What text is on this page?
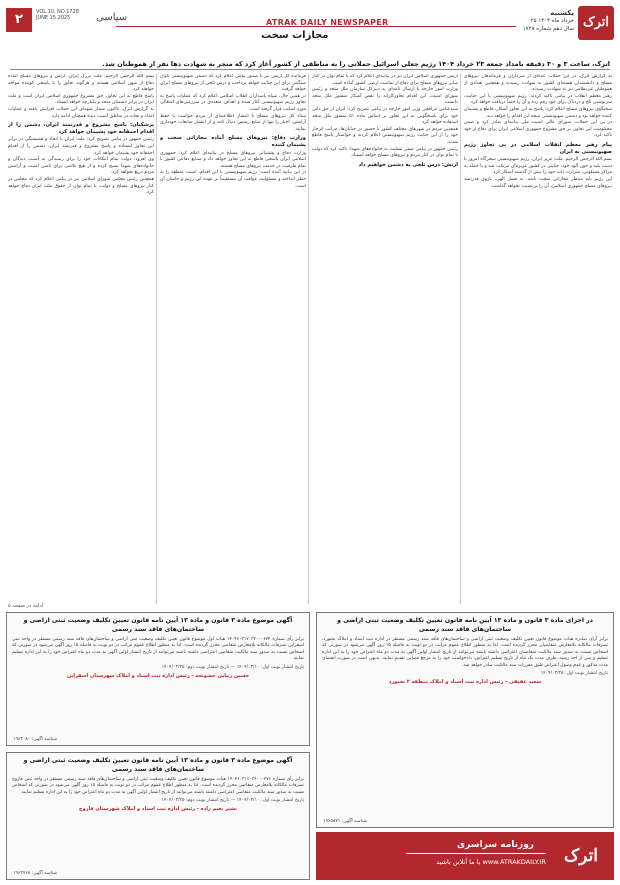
۲	VOL.10, NO.1728
JUNE 15.2025	سیاسی	ATRAK DAILY NEWSPAPER
مجازات سخت
یکشنبه
۲۵ خرداد ماه ۱۴۰۴
سال دهم شماره ۱۷۲۸ اترک
اترک، ساعت ۳ و ۳۰ دقیقه بامداد جمعه ۲۳ خرداد ۱۴۰۴ رژیم جعلی اسرائیل حملاتی را به مناطقی از کشور آغاز کرد که منجر به شهادت دها نفر از هموطنان شد.

به گزارش اترک، در این حملات عده‌ای از سرداران و فرماندهان نیروهای مسلح و دانشمندان هسته‌ای کشور به شهادت رسیدند و همچنین تعدادی از هموطنان غیرنظامی نیز به شهادت رسیدند.

رهبر معظم انقلاب در پیامی تاکید کردند: رژیم صهیونیستی با این جنایت، سرنوشتی تلخ و دردناک برای خود رقم زده و آن را حتماً دریافت خواهد کرد.

سخنگوی نیروهای مسلح اعلام کرد: پاسخ به این تجاوز آشکار، قاطع و پشیمان کننده خواهد بود و دشمن صهیونیستی نتیجه این اقدام را خواهد دید.

در پی این حملات، شورای عالی امنیت ملی بیانیه‌ای صادر کرد و ضمن محکومیت این تجاوز، بر حق مشروع جمهوری اسلامی ایران برای دفاع از خود تاکید کرد.

پیام رهبر معظم انقلاب اسلامی در پی تجاوز رژیم صهیونیستی به ایران

بسم الله الرحمن الرحیم. ملت عزیز ایران، رژیم صهیونیستی سحرگاه امروز با دست پلید و خون آلود خود، جنایتی در کشور عزیزمان مرتکب شد و با حمله به مراکز مسکونی، شرارت ذات خود را بیش از گذشته آشکار کرد.

این رژیم باید منتظر مجازاتی سخت باشد. به فضل الهی، بازوی قدرتمند نیروهای مسلح جمهوری اسلامی، آن را بی‌نصیب نخواهد گذاشت.

ارتش جمهوری اسلامی ایران نیز در بیانیه‌ای اعلام کرد که با تمام توان در کنار سایر نیروهای مسلح برای دفاع از تمامیت ارضی کشور آماده است.

وزارت امور خارجه با ارسال نامه‌ای به دبیرکل سازمان ملل متحد و رئیس شورای امنیت، این اقدام تجاوزکارانه را نقض آشکار منشور ملل متحد دانست.

سیدعباس عراقچی وزیر امور خارجه در پیامی تصریح کرد: ایران از حق ذاتی خود برای پاسخگویی به این تجاوز بر اساس ماده ۵۱ منشور ملل متحد استفاده خواهد کرد.

همچنین مردم در شهرهای مختلف کشور با حضور در خیابان‌ها، مراتب انزجار خود را از این جنایت رژیم صهیونیستی اعلام کردند و خواستار پاسخ قاطع شدند.

رئیس جمهور در پیامی ضمن تسلیت به خانواده‌های شهدا، تاکید کرد که دولت با تمام توان در کنار مردم و نیروهای مسلح خواهد ایستاد.

ارتش: درس تلخی به دشمن خواهیم داد

فرمانده کل ارتش نیز با صدور پیامی اعلام کرد که دشمن صهیونیستی تاوان سنگینی برای این جنایت خواهد پرداخت و درس تلخی از نیروهای مسلح ایران خواهد گرفت.

در همین حال، سپاه پاسداران انقلاب اسلامی اعلام کرد که عملیات پاسخ به تجاوز رژیم صهیونیستی آغاز شده و اهداف متعددی در سرزمین‌های اشغالی مورد اصابت قرار گرفته است.

ستاد کل نیروهای مسلح با انتشار اطلاعیه‌ای از مردم خواست با حفظ آرامش، اخبار را تنها از منابع رسمی دنبال کنند و از انتشار شایعات خودداری نمایند.

وزارت دفاع: نیروهای مسلح آماده مجازاتی سخت و پشیمان کننده

وزارت دفاع و پشتیبانی نیروهای مسلح در بیانیه‌ای اعلام کرد: جمهوری اسلامی ایران پاسخی قاطع به این تجاوز خواهد داد و صنایع دفاعی کشور با تمام ظرفیت در خدمت نیروهای مسلح هستند.

در این بیانیه آمده است: رژیم صهیونیستی با این اقدام، امنیت منطقه را به خطر انداخته و مسئولیت عواقب آن مستقیماً بر عهده این رژیم و حامیان آن است.

بسم الله الرحمن الرحیم. ملت بزرگ ایران، ارتش و نیروهای مسلح آماده دفاع از میهن اسلامی هستند و هرگونه تجاوز را با پاسخی کوبنده مواجه خواهند کرد.

پاسخ قاطع به این تجاوز، حق مشروع جمهوری اسلامی ایران است و ملت ایران در برابر دشمنان متحد و یکپارچه خواهد ایستاد.

به گزارش اترک، تاکنون شمار شهدای این حملات افزایش یافته و عملیات امداد و نجات در مناطق آسیب دیده همچنان ادامه دارد.

پزشکیان: پاسخ مشروع و قدرتمند ایران، دشمن را از اقدام احمقانه خود پشیمان خواهد کرد

رئیس جمهور در پیامی تصریح کرد: ملت ایران با اتحاد و همبستگی در برابر این تجاوز ایستاده و پاسخ مشروع و قدرتمند ایران، دشمن را از اقدام احمقانه خود پشیمان خواهد کرد.

وی افزود: دولت تمام امکانات خود را برای رسیدگی به آسیب دیدگان و خانواده‌های شهدا بسیج کرده و از هیچ تلاشی برای تامین امنیت و آرامش مردم دریغ نخواهد کرد.

همچنین رئیس مجلس شورای اسلامی نیز در پیامی اعلام کرد که مجلس در کنار نیروهای مسلح و دولت، با تمام توان از حقوق ملت ایران دفاع خواهد کرد.

ادامه در صفحه ۵
در اجرای ماده ۳ قانون و ماده ۱۳ آیین نامه قانون تعیین تکلیف وضعیت ثبتی اراضی و ساختمان‌های فاقد سند رسمی

برابر آرای صادره هیات موضوع قانون تعیین تکلیف وضعیت ثبتی اراضی و ساختمان‌های فاقد سند رسمی مستقر در اداره ثبت اسناد و املاک بجنورد، تصرفات مالکانه بلامعارض متقاضیان محرز گردیده است. لذا به منظور اطلاع عموم مراتب در دو نوبت به فاصله ۱۵ روز آگهی می‌شود در صورتی که اشخاص نسبت به صدور سند مالکیت متقاضیان اعتراضی داشته باشند می‌توانند از تاریخ انتشار اولین آگهی به مدت دو ماه اعتراض خود را به این اداره تسلیم و پس از اخذ رسید، ظرف مدت یک ماه از تاریخ تسلیم اعتراض، دادخواست خود را به مرجع قضایی تقدیم نمایند. بدیهی است در صورت انقضای مدت مذکور و عدم وصول اعتراض طبق مقررات سند مالکیت صادر خواهد شد.

تاریخ انتشار نوبت اول: ۱۴۰۴/۰۳/۲۵
سعید عقیقی - رئیس اداره ثبت اسناد و املاک منطقه ۲ بجنورد
شناسه آگهی: ۱۹۶۵۸۷۱
آگهی موضوع ماده ۳ قانون و ماده ۱۳ آیین نامه قانون تعیین تکلیف وضعیت ثبتی اراضی و ساختمان‌های فاقد سند رسمی

برابر رأی شماره ۱۴۰۴۶۰۳۱۷۰۳۲۰۰۰۶۲۴ هیات اول موضوع قانون تعیین تکلیف وضعیت ثبتی اراضی و ساختمان‌های فاقد سند رسمی مستقر در واحد ثبتی اسفراین تصرفات مالکانه بلامعارض متقاضی محرز گردیده است. لذا به منظور اطلاع عموم مراتب در دو نوبت به فاصله ۱۵ روز آگهی می‌شود در صورتی که اشخاص نسبت به صدور سند مالکیت متقاضی اعتراضی داشته باشند می‌توانند از تاریخ انتشار اولین آگهی به مدت دو ماه اعتراض خود را به این اداره تسلیم نمایند.

تاریخ انتشار نوبت اول: ۱۴۰۴/۰۳/۱۰ — تاریخ انتشار نوبت دوم: ۱۴۰۴/۰۳/۲۵
حسین رمانی خشونجه - رئیس اداره ثبت اسناد و املاک شهرستان اسفراین
شناسه آگهی: ۱۹۶۳۰۸۰
آگهی موضوع ماده ۳ قانون و ماده ۱۳ آیین نامه قانون تعیین تکلیف وضعیت ثبتی اراضی و ساختمان‌های فاقد سند رسمی

برابر رأی شماره ۱۴۰۴۶۰۳۱۷۰۳۶۰۰۰۲۷۶ هیات موضوع قانون تعیین تکلیف وضعیت ثبتی اراضی و ساختمان‌های فاقد سند رسمی مستقر در واحد ثبتی فاروج تصرفات مالکانه بلامعارض متقاضی محرز گردیده است. لذا به منظور اطلاع عموم مراتب در دو نوبت به فاصله ۱۵ روز آگهی می‌شود در صورتی که اشخاص نسبت به صدور سند مالکیت متقاضی اعتراضی داشته باشند می‌توانند از تاریخ انتشار اولین آگهی به مدت دو ماه اعتراض خود را به این اداره تسلیم نمایند.

تاریخ انتشار نوبت اول: ۱۴۰۴/۰۳/۱۰ — تاریخ انتشار نوبت دوم: ۱۴۰۴/۰۳/۲۵
بشیر نعیم زاده - رئیس اداره ثبت اسناد و املاک شهرستان فاروج
شناسه آگهی: ۱۹۶۲۷۶۸
اترک
روزنامه سراسری
با ما آنلاین باشید www.ATRAKDAILY.IR
